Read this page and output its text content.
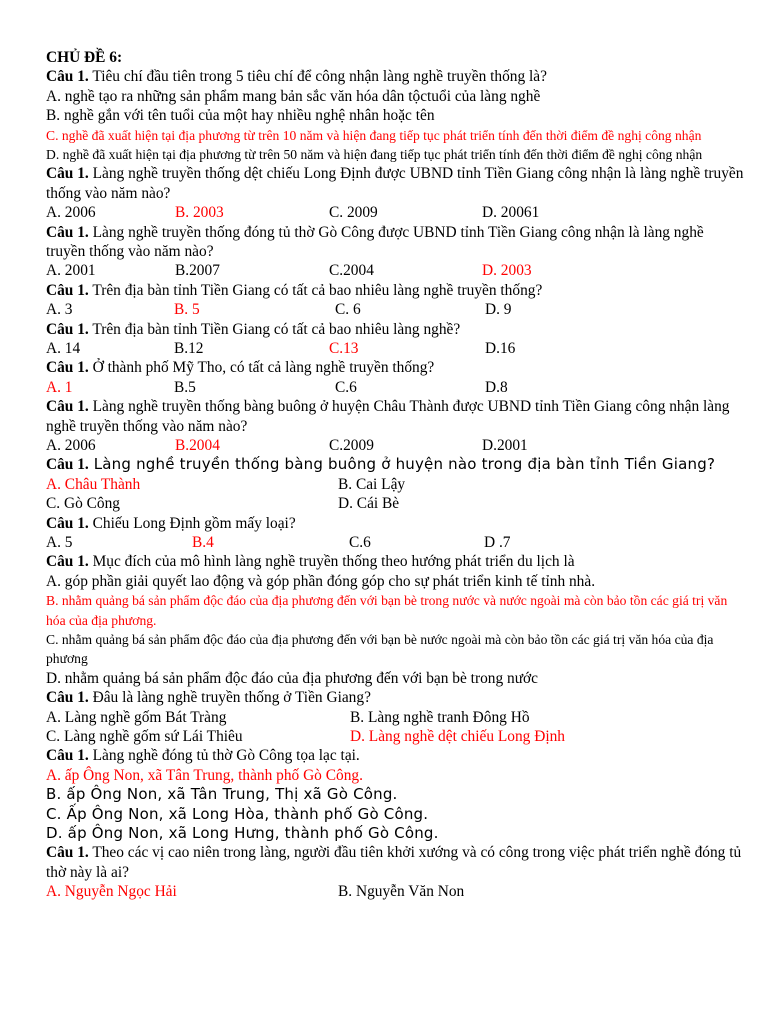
CHỦ ĐỀ 6:
Câu 1. Tiêu chí đầu tiên trong 5 tiêu chí để công nhận làng nghề truyền thống là?
A. nghề tạo ra những sản phẩm mang bản sắc văn hóa dân tộctuổi của làng nghề
B. nghề gắn với tên tuổi của một hay nhiều nghệ nhân hoặc tên
C. nghề đã xuất hiện tại địa phương từ trên 10 năm và hiện đang tiếp tục phát triển tính đến thời điểm đề nghị công nhận
D. nghề đã xuất hiện tại địa phương từ trên 50 năm và hiện đang tiếp tục phát triển tính đến thời điểm đề nghị công nhận
Câu 1. Làng nghề truyền thống dệt chiếu Long Định được UBND tỉnh Tiền Giang công nhận là làng nghề truyền thống vào năm nào?
A. 2006	B. 2003	C. 2009	D. 20061
Câu 1. Làng nghề truyền thống đóng tủ thờ Gò Công được UBND tỉnh Tiền Giang công nhận là làng nghề truyền thống vào năm nào?
A. 2001	B.2007	C.2004	D. 2003
Câu 1. Trên địa bàn tỉnh Tiền Giang có tất cả bao nhiêu làng nghề truyền thống?
A. 3	B. 5	C. 6	D. 9
Câu 1. Trên địa bàn tỉnh Tiền Giang có tất cả bao nhiêu làng nghề?
A. 14	B.12	C.13	D.16
Câu 1. Ở thành phố Mỹ Tho, có tất cả làng nghề truyền thống?
A. 1	B.5	C.6	D.8
Câu 1. Làng nghề truyền thống bàng buông ở huyện Châu Thành được UBND tỉnh Tiền Giang công nhận làng nghề truyền thống vào năm nào?
A. 2006	B.2004	C.2009	D.2001
Câu 1. Làng nghề truyền thống bàng buông ở huyện nào trong địa bàn tỉnh Tiền Giang?
A. Châu Thành	B. Cai Lậy
C. Gò Công	D. Cái Bè
Câu 1. Chiếu Long Định gồm mấy loại?
A. 5	B.4	C.6	D .7
Câu 1. Mục đích của mô hình làng nghề truyền thống theo hướng phát triển du lịch là
A. góp phần giải quyết lao động và góp phần đóng góp cho sự phát triển kinh tế tỉnh nhà.
B. nhằm quảng bá sản phẩm độc đáo của địa phương đến với bạn bè trong nước và nước ngoài mà còn bảo tồn các giá trị văn hóa của địa phương.
C. nhằm quảng bá sản phẩm độc đáo của địa phương đến với bạn bè nước ngoài mà còn bảo tồn các giá trị văn hóa của địa phương
D. nhằm quảng bá sản phẩm độc đáo của địa phương đến với bạn bè trong nước
Câu 1. Đâu là làng nghề truyền thống ở Tiền Giang?
A. Làng nghề gốm Bát Tràng	B. Làng nghề tranh Đông Hồ
C. Làng nghề gốm sứ Lái Thiêu	D. Làng nghề dệt chiếu Long Định
Câu 1. Làng nghề đóng tủ thờ Gò Công tọa lạc tại.
A. ấp Ông Non, xã Tân Trung, thành phố Gò Công.
B. ấp Ông Non, xã Tân Trung, Thị xã Gò Công.
C. Ấp Ông Non, xã Long Hòa, thành phố Gò Công.
D. ấp Ông Non, xã Long Hưng, thành phố Gò Công.
Câu 1. Theo các vị cao niên trong làng, người đầu tiên khởi xướng và có công trong việc phát triển nghề đóng tủ thờ này là ai?
A. Nguyễn Ngọc Hải	B. Nguyễn Văn Non
